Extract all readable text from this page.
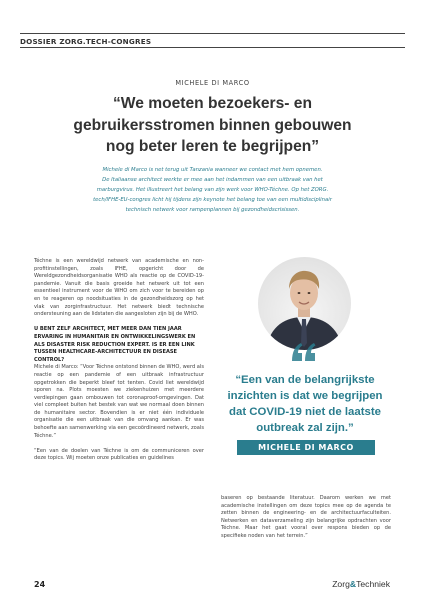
DOSSIER ZORG.TECH-CONGRES
MICHELE DI MARCO
“We moeten bezoekers- en
gebruikersstromen binnen gebouwen
nog beter leren te begrijpen”
Michele di Marco is net terug uit Tanzania wanneer we contact met hem opnemen.
De Italiaanse architect werkte er mee aan het indammen van een uitbraak van het
marburgvirus. Het illustreert het belang van zijn werk voor WHO-Téchne. Op het ZORG.
tech/IFHE-EU-congres licht hij tijdens zijn keynote het belang toe van een multidisciplinair
technisch netwerk voor rampenplannen bij gezondheidscrisissen.

Téchne is een wereldwijd netwerk van academische en non-profitinstellingen, zoals IFHE, opgericht door de Wereldgezondheidsorganisatie WHO als reactie op de COVID-19-pandemie. Vanuit die basis groeide het netwerk uit tot een essentieel instrument voor de WHO om zich voor te bereiden op en te reageren op noodsituaties in de gezondheidszorg op het vlak van zorginfrastructuur. Het netwerk biedt technische ondersteuning aan de lidstaten die aangesloten zijn bij de WHO.

U BENT ZELF ARCHITECT, MET MEER DAN TIEN JAAR ERVARING IN HUMANITAIR EN ONTWIKKELINGSWERK EN ALS DISASTER RISK REDUCTION EXPERT. IS ER EEN LINK TUSSEN HEALTHCARE-ARCHITECTUUR EN DISEASE CONTROL?

Michele di Marco: “Voor Téchne ontstond binnen de WHO, werd als reactie op een pandemie of een uitbraak infrastructuur opgetrokken die beperkt bleef tot tenten. Covid liet wereldwijd sporen na. Plots moesten we ziekenhuizen met meerdere verdiepingen gaan ombouwen tot coronaproof-omgevingen. Dat viel compleet buiten het bestek van wat we normaal doen binnen de humanitaire sector. Bovendien is er niet één individuele organisatie die een uitbraak van die omvang aankan. Er was behoefte aan samenwerking via een gecoördineerd netwerk, zoals Téchne.”

“Een van de doelen van Téchne is om de communiceren over deze topics. Wij moeten onze publicaties en guidelines

“Een van de belangrijkste
inzichten is dat we begrijpen
dat COVID-19 niet de laatste
outbreak zal zijn.”
MICHELE DI MARCO

baseren op bestaande literatuur. Daarom werken we met academische instellingen om deze topics mee op de agenda te zetten binnen de engineering- en de architectuurfaculteiten. Netwerken en dataverzameling zijn belangrijke opdrachten voor Téchne. Maar het gaat vooral over respons bieden op de specifieke noden van het terrein.”

24	Zorg&Techniek
